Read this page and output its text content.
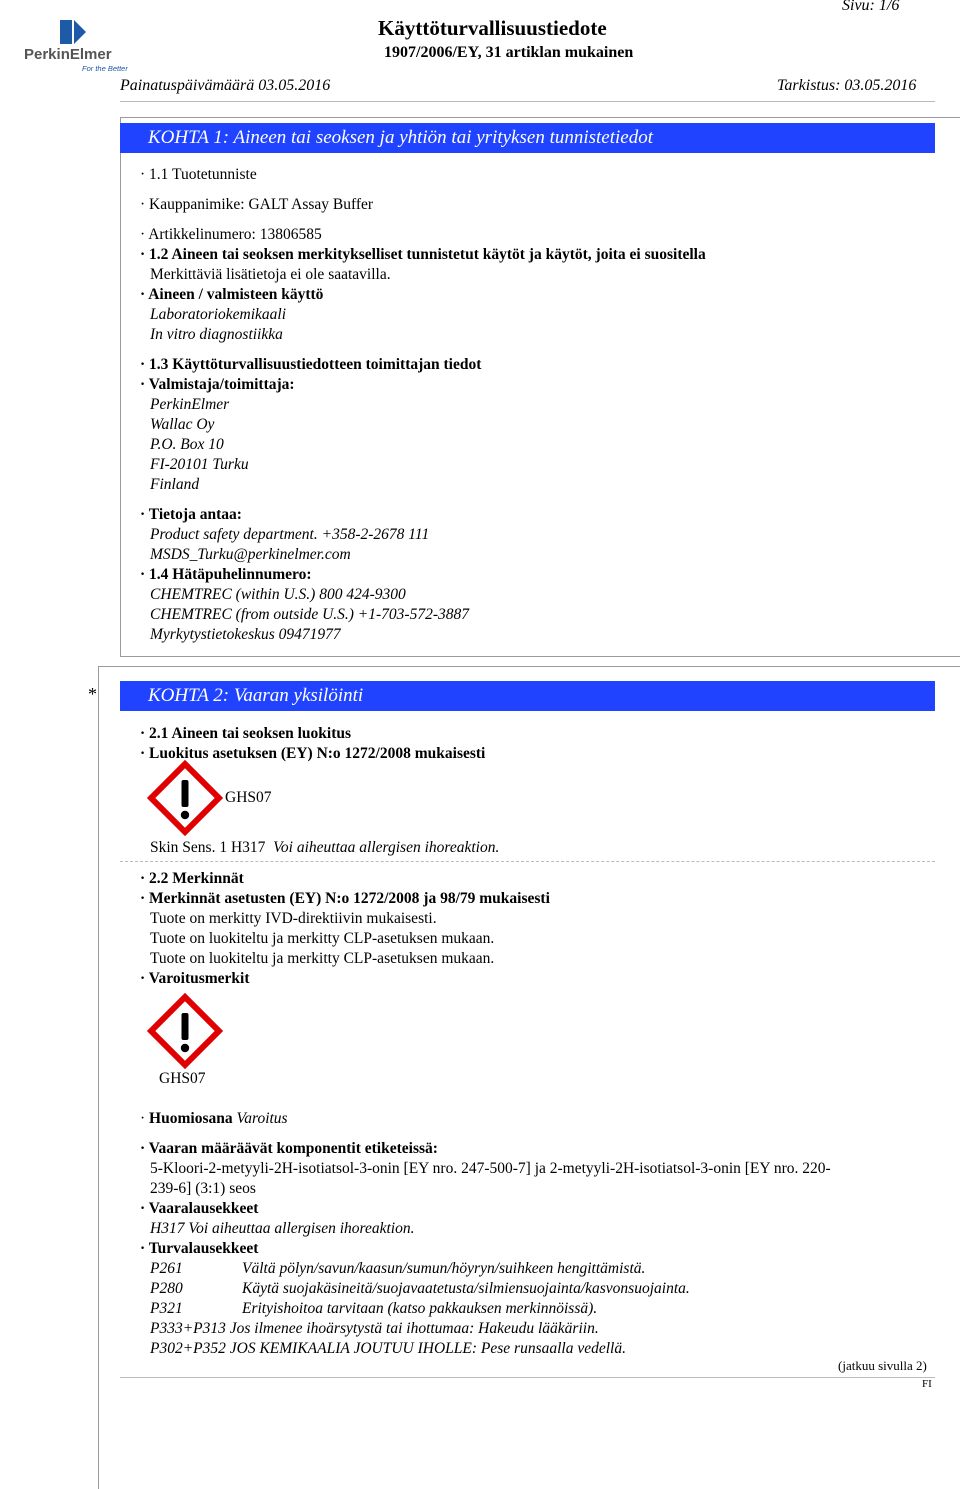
PerkinElmer
For the Better
Käyttöturvallisuustiedote
1907/2006/EY, 31 artiklan mukainen
Sivu: 1/6
Painatuspäivämäärä 03.05.2016	Tarkistus: 03.05.2016
KOHTA 1: Aineen tai seoksen ja yhtiön tai yrityksen tunnistetiedot
· 1.1 Tuotetunniste
· Kauppanimike: GALT Assay Buffer
· Artikkelinumero: 13806585
· 1.2 Aineen tai seoksen merkitykselliset tunnistetut käytöt ja käytöt, joita ei suositella
Merkittäviä lisätietoja ei ole saatavilla.
· Aineen / valmisteen käyttö
Laboratoriokemikaali
In vitro diagnostiikka
· 1.3 Käyttöturvallisuustiedotteen toimittajan tiedot
· Valmistaja/toimittaja:
PerkinElmer
Wallac Oy
P.O. Box 10
FI-20101 Turku
Finland
· Tietoja antaa:
Product safety department. +358-2-2678 111
MSDS_Turku@perkinelmer.com
· 1.4 Hätäpuhelinnumero:
CHEMTREC (within U.S.) 800 424-9300
CHEMTREC (from outside U.S.) +1-703-572-3887
Myrkytystietokeskus 09471977
*	KOHTA 2: Vaaran yksilöinti
· 2.1 Aineen tai seoksen luokitus
· Luokitus asetuksen (EY) N:o 1272/2008 mukaisesti
GHS07
Skin Sens. 1 H317 Voi aiheuttaa allergisen ihoreaktion.
· 2.2 Merkinnät
· Merkinnät asetusten (EY) N:o 1272/2008 ja 98/79 mukaisesti
Tuote on merkitty IVD-direktiivin mukaisesti.
Tuote on luokiteltu ja merkitty CLP-asetuksen mukaan.
Tuote on luokiteltu ja merkitty CLP-asetuksen mukaan.
· Varoitusmerkit
GHS07
· Huomiosana Varoitus
· Vaaran määräävät komponentit etiketeissä:
5-Kloori-2-metyyli-2H-isotiatsol-3-onin [EY nro. 247-500-7] ja 2-metyyli-2H-isotiatsol-3-onin [EY nro. 220-
239-6] (3:1) seos
· Vaaralausekkeet
H317 Voi aiheuttaa allergisen ihoreaktion.
· Turvalausekkeet
P261	Vältä pölyn/savun/kaasun/sumun/höyryn/suihkeen hengittämistä.
P280	Käytä suojakäsineitä/suojavaatetusta/silmiensuojainta/kasvonsuojainta.
P321	Erityishoitoa tarvitaan (katso pakkauksen merkinnöissä).
P333+P313 Jos ilmenee ihoärsytystä tai ihottumaa: Hakeudu lääkäriin.
P302+P352 JOS KEMIKAALIA JOUTUU IHOLLE: Pese runsaalla vedellä.
(jatkuu sivulla 2)
FI
